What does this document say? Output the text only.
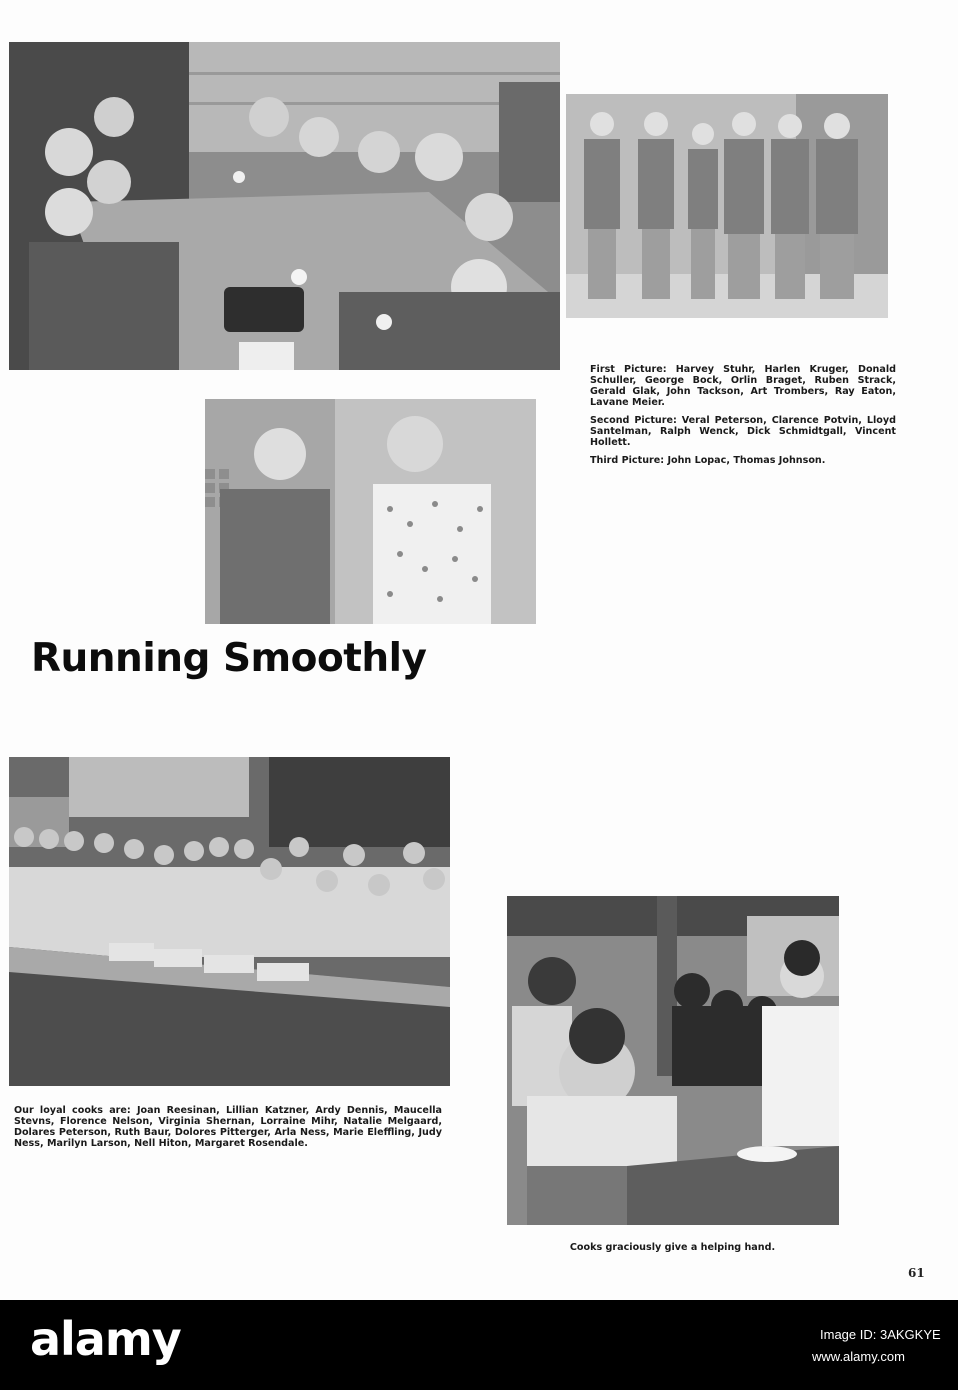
First Picture: Harvey Stuhr, Harlen Kruger, Donald Schuller, George Bock, Orlin Braget, Ruben Strack, Gerald Glak, John Tackson, Art Trombers, Ray Eaton, Lavane Meier.

Second Picture: Veral Peterson, Clarence Potvin, Lloyd Santelman, Ralph Wenck, Dick Schmidtgall, Vincent Hollett.

Third Picture: John Lopac, Thomas Johnson.

Running Smoothly
Our loyal cooks are: Joan Reesinan, Lillian Katzner, Ardy Dennis, Maucella Stevns, Florence Nelson, Virginia Shernan, Lorraine Mihr, Natalie Melgaard, Dolares Peterson, Ruth Baur, Dolores Pitterger, Arla Ness, Marie Eleffling, Judy Ness, Marilyn Larson, Nell Hiton, Margaret Rosendale.
Cooks graciously give a helping hand.
61
alamy	Image ID: 3AKGKYE
www.alamy.com
